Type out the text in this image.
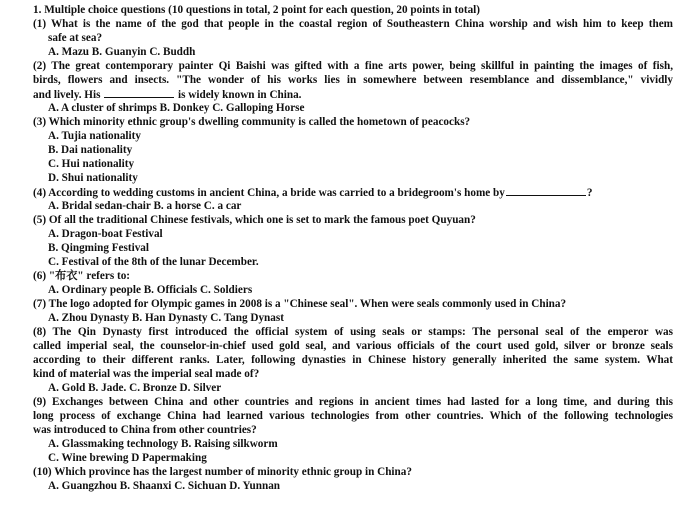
1. Multiple choice questions (10 questions in total, 2 point for each question, 20 points in total)
(1) What is the name of the god that people in the coastal region of Southeastern China worship and wish him to keep them
safe at sea?
A. Mazu B. Guanyin C. Buddh
(2) The great contemporary painter Qi Baishi was gifted with a fine arts power, being skillful in painting the images of fish,
birds, flowers and insects. "The wonder of his works lies in somewhere between resemblance and dissemblance," vividly
and lively. His	is widely known in China.
A. A cluster of shrimps B. Donkey C. Galloping Horse
(3) Which minority ethnic group's dwelling community is called the hometown of peacocks?
A. Tujia nationality
B. Dai nationality
C. Hui nationality
D. Shui nationality
(4) According to wedding customs in ancient China, a bride was carried to a bridegroom's home by	?
A. Bridal sedan-chair B. a horse C. a car
(5) Of all the traditional Chinese festivals, which one is set to mark the famous poet Quyuan?
A. Dragon-boat Festival
B. Qingming Festival
C. Festival of the 8th of the lunar December.
(6) "布衣" refers to:
A. Ordinary people B. Officials C. Soldiers
(7) The logo adopted for Olympic games in 2008 is a "Chinese seal". When were seals commonly used in China?
A. Zhou Dynasty B. Han Dynasty C. Tang Dynast
(8) The Qin Dynasty first introduced the official system of using seals or stamps: The personal seal of the emperor was
called imperial seal, the counselor-in-chief used gold seal, and various officials of the court used gold, silver or bronze seals
according to their different ranks. Later, following dynasties in Chinese history generally inherited the same system. What
kind of material was the imperial seal made of?
A. Gold B. Jade. C. Bronze D. Silver
(9) Exchanges between China and other countries and regions in ancient times had lasted for a long time, and during this
long process of exchange China had learned various technologies from other countries. Which of the following technologies
was introduced to China from other countries?
A. Glassmaking technology B. Raising silkworm
C. Wine brewing D Papermaking
(10) Which province has the largest number of minority ethnic group in China?
A. Guangzhou B. Shaanxi C. Sichuan D. Yunnan
